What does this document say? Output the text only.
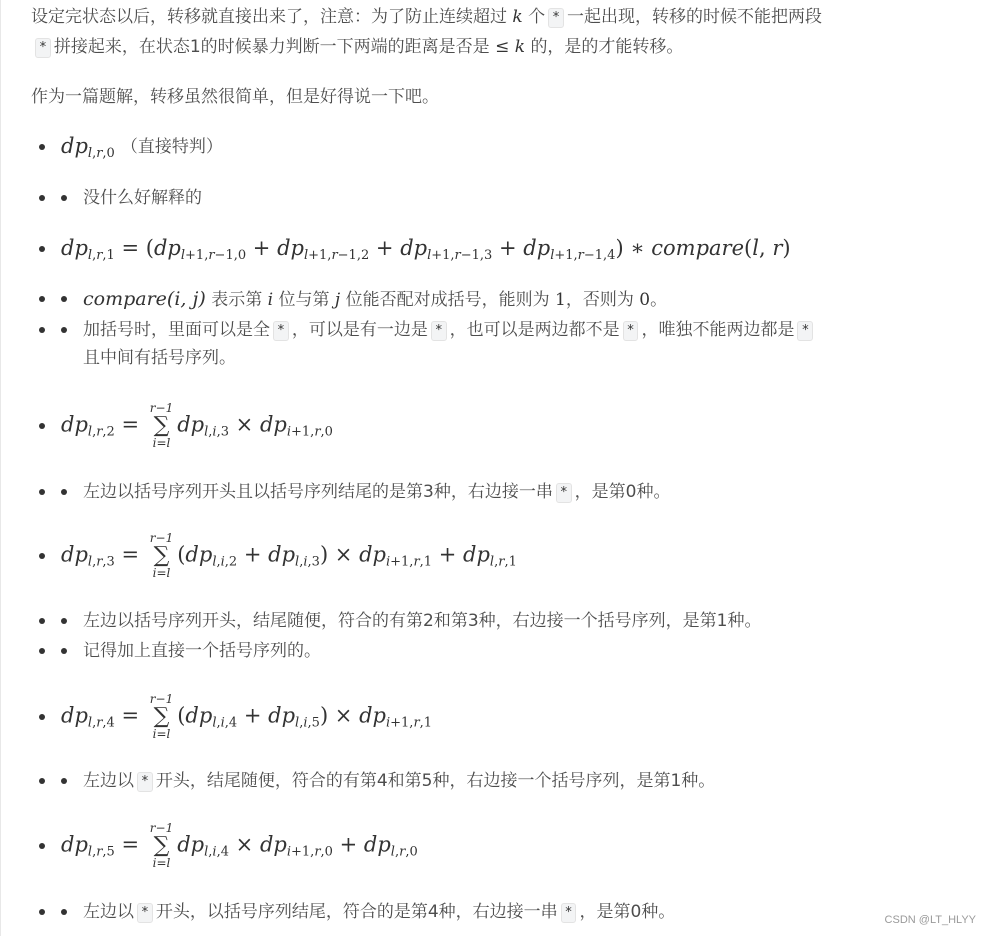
设定完状态以后，转移就直接出来了，注意：为了防止连续超过 k 个 * 一起出现，转移的时候不能把两段
* 拼接起来，在状态1的时候暴力判断一下两端的距离是否是 ≤ k 的，是的才能转移。
作为一篇题解，转移虽然很简单，但是好得说一下吧。
$dp_{l,r,0}$ （直接特判）
没什么好解释的
$dp_{l,r,1} = (dp_{l+1,r-1,0} + dp_{l+1,r-1,2} + dp_{l+1,r-1,3} + dp_{l+1,r-1,4})$ ∗ compare(l, r)
compare(i, j) 表示第 i 位与第 j 位能否配对成括号，能则为 1，否则为 0。
加括号时，里面可以是全 * ，可以是有一边是 * ，也可以是两边都不是 * ，唯独不能两边都是 *
且中间有括号序列。
$dp_{l,r,2}$ =
r−1
∑
i=l
$dp_{l,i,3} \times dp_{i+1,r,0}$
左边以括号序列开头且以括号序列结尾的是第3种，右边接一串 * ，是第0种。
$dp_{l,r,3}$ =
r−1
∑
i=l
$(dp_{l,i,2} + dp_{l,i,3}) \times dp_{i+1,r,1} + dp_{l,r,1}$
左边以括号序列开头，结尾随便，符合的有第2和第3种，右边接一个括号序列，是第1种。
记得加上直接一个括号序列的。
$dp_{l,r,4}$ =
r−1
∑
i=l
$(dp_{l,i,4} + dp_{l,i,5}) \times dp_{i+1,r,1}$
左边以 * 开头，结尾随便，符合的有第4和第5种，右边接一个括号序列，是第1种。
$dp_{l,r,5}$ =
r−1
∑
i=l
$dp_{l,i,4} \times dp_{i+1,r,0} + dp_{l,r,0}$
左边以 * 开头，以括号序列结尾，符合的是第4种，右边接一串 * ，是第0种。	CSDN @LT_HLYY
